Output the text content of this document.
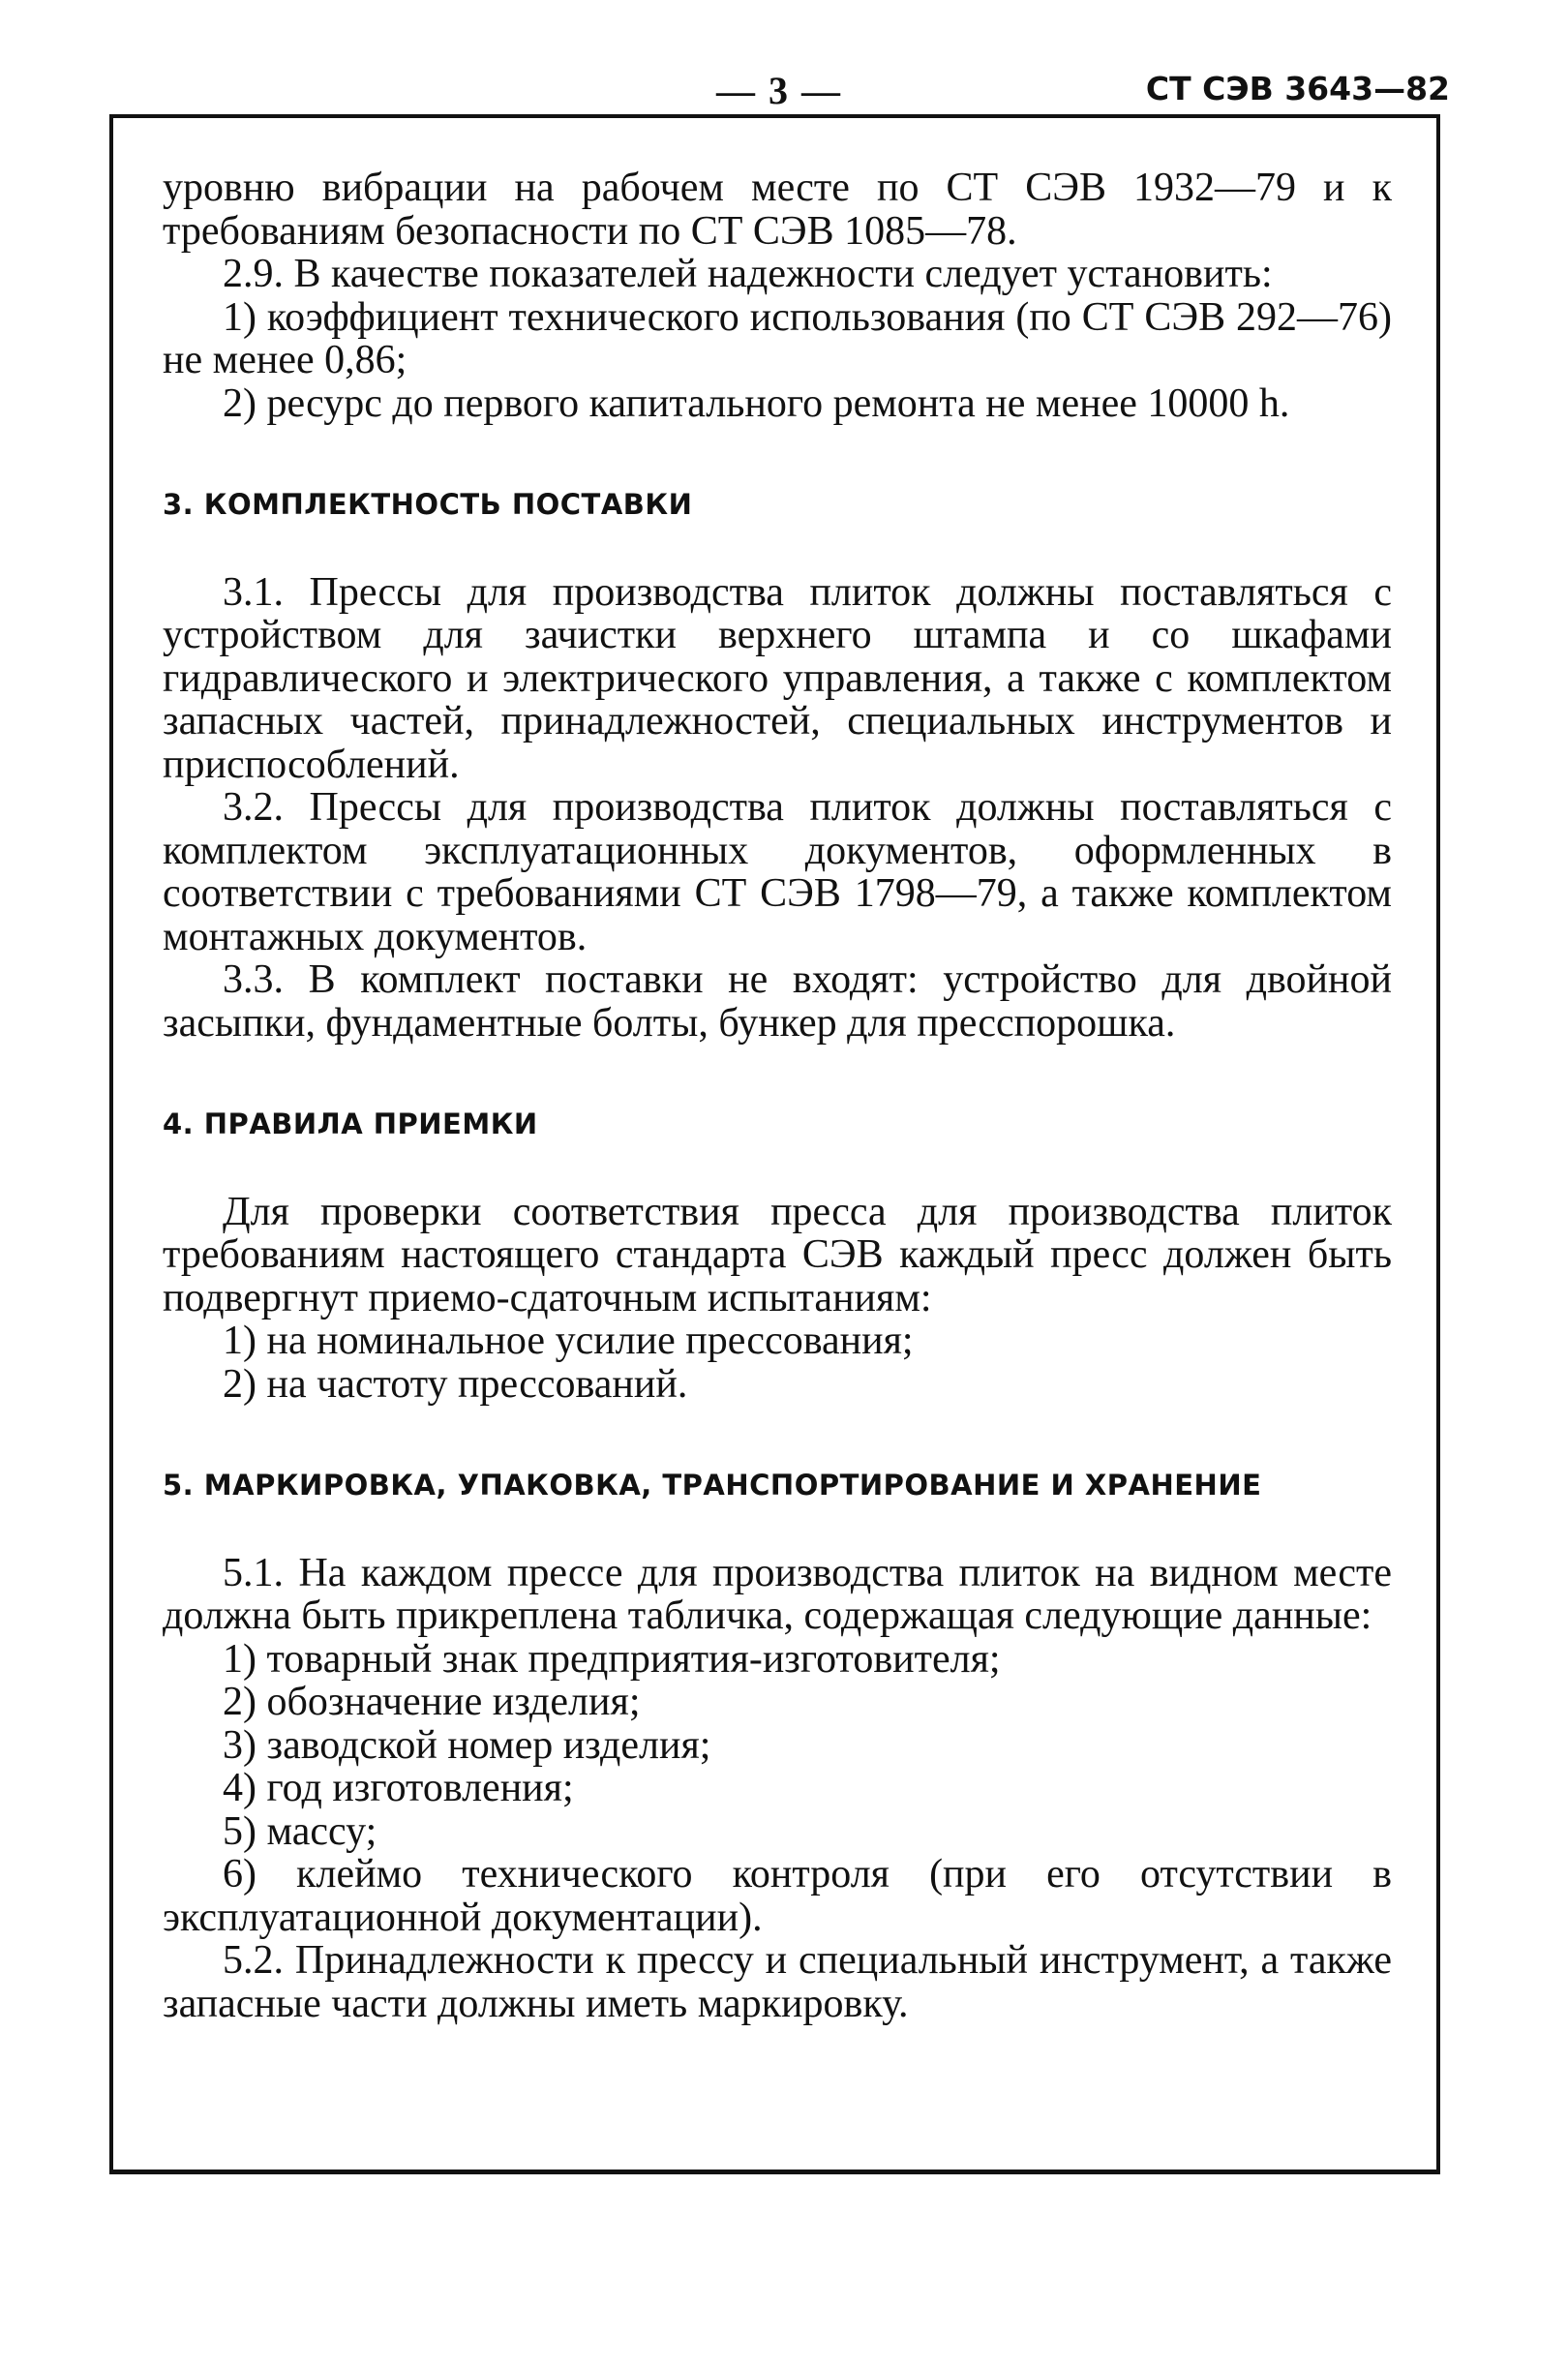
— 3 —	СТ СЭВ 3643—82

уровню вибрации на рабочем месте по СТ СЭВ 1932—79 и к требованиям безопасности по СТ СЭВ 1085—78.

2.9. В качестве показателей надежности следует установить:

1) коэффициент технического использования (по СТ СЭВ 292—76) не менее 0,86;

2) ресурс до первого капитального ремонта не менее 10000 h.

3. КОМПЛЕКТНОСТЬ ПОСТАВКИ

3.1. Прессы для производства плиток должны поставляться с устройством для зачистки верхнего штампа и со шкафами гидравлического и электрического управления, а также с комплектом запасных частей, принадлежностей, специальных инструментов и приспособлений.

3.2. Прессы для производства плиток должны поставляться с комплектом эксплуатационных документов, оформленных в соответствии с требованиями СТ СЭВ 1798—79, а также комплектом монтажных документов.

3.3. В комплект поставки не входят: устройство для двойной засыпки, фундаментные болты, бункер для пресспорошка.

4. ПРАВИЛА ПРИЕМКИ

Для проверки соответствия пресса для производства плиток требованиям настоящего стандарта СЭВ каждый пресс должен быть подвергнут приемо-сдаточным испытаниям:

1) на номинальное усилие прессования;

2) на частоту прессований.

5. МАРКИРОВКА, УПАКОВКА, ТРАНСПОРТИРОВАНИЕ И ХРАНЕНИЕ

5.1. На каждом прессе для производства плиток на видном месте должна быть прикреплена табличка, содержащая следующие данные:

1) товарный знак предприятия-изготовителя;

2) обозначение изделия;

3) заводской номер изделия;

4) год изготовления;

5) массу;

6) клеймо технического контроля (при его отсутствии в эксплуатационной документации).

5.2. Принадлежности к прессу и специальный инструмент, а также запасные части должны иметь маркировку.
